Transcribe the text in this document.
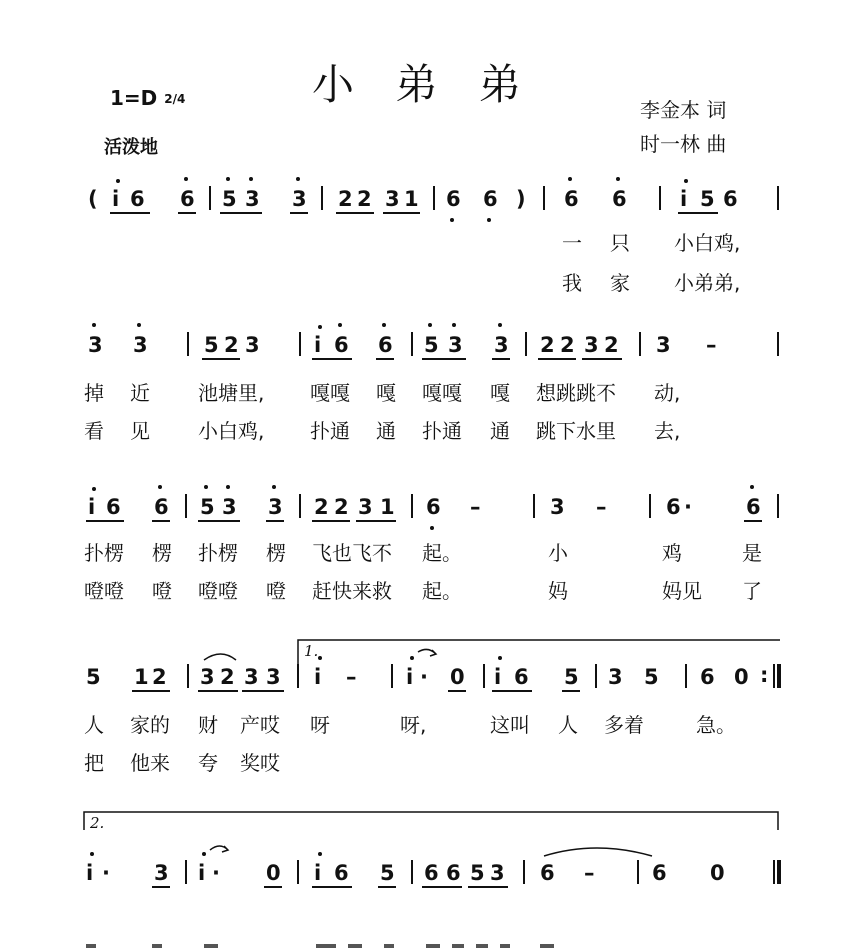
小 弟 弟
1=D 2/4
活泼地
李金本 词
时一林 曲
( i 6 6 5 3 3 2 2 3 1 6 6 ) 6 6	i 5 6
一 只 小白鸡,
我 家 小弟弟,
3 3	5 2 3	i 6 6 5 3 3 2 2 3 2 3 –
掉 近 池塘里, 嘎嘎 嘎 嘎嘎 嘎 想跳跳不 动,
看 见 小白鸡, 扑通 通 扑通 通 跳下水里 去,
i 6 6 5 3 3 2 2 3 1 6 –	3 –	6 ·	6
扑楞 楞 扑楞 楞 飞也飞不 起。	小	鸡	是
噔噔 噔 噔噔 噔 赶快来救 起。	妈	妈见 了
1.
5 1 2 3 2 3 3 i – i · 0 i 6 5 3 5 6 0 :
人 家的 财 产哎 呀	呀,	这叫 人 多着	急。
把 他来 夸 奖哎
2.
i · 3 i · 0 i 6 5 6 6 5 3 6 –	6 0
